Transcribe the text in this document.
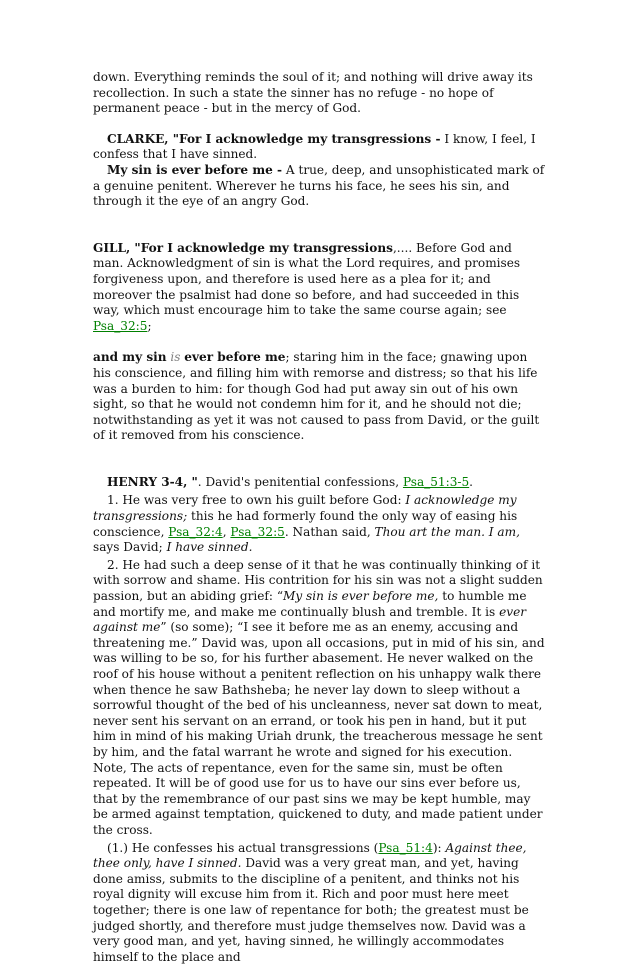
down. Everything reminds the soul of it; and nothing will drive away its recollection. In such a state the sinner has no refuge - no hope of permanent peace - but in the mercy of God.

CLARKE, "For I acknowledge my transgressions - I know, I feel, I confess that I have sinned.

My sin is ever before me - A true, deep, and unsophisticated mark of a genuine penitent. Wherever he turns his face, he sees his sin, and through it the eye of an angry God.

GILL, "For I acknowledge my transgressions,.... Before God and man. Acknowledgment of sin is what the Lord requires, and promises forgiveness upon, and therefore is used here as a plea for it; and moreover the psalmist had done so before, and had succeeded in this way, which must encourage him to take the same course again; see Psa_32:5;

and my sin is ever before me; staring him in the face; gnawing upon his conscience, and filling him with remorse and distress; so that his life was a burden to him: for though God had put away sin out of his own sight, so that he would not condemn him for it, and he should not die; notwithstanding as yet it was not caused to pass from David, or the guilt of it removed from his conscience.

HENRY 3-4, ". David's penitential confessions, Psa_51:3-5.

1. He was very free to own his guilt before God: I acknowledge my transgressions; this he had formerly found the only way of easing his conscience, Psa_32:4, Psa_32:5. Nathan said, Thou art the man. I am, says David; I have sinned.

2. He had such a deep sense of it that he was continually thinking of it with sorrow and shame. His contrition for his sin was not a slight sudden passion, but an abiding grief: “My sin is ever before me, to humble me and mortify me, and make me continually blush and tremble. It is ever against me” (so some); “I see it before me as an enemy, accusing and threatening me.” David was, upon all occasions, put in mid of his sin, and was willing to be so, for his further abasement. He never walked on the roof of his house without a penitent reflection on his unhappy walk there when thence he saw Bathsheba; he never lay down to sleep without a sorrowful thought of the bed of his uncleanness, never sat down to meat, never sent his servant on an errand, or took his pen in hand, but it put him in mind of his making Uriah drunk, the treacherous message he sent by him, and the fatal warrant he wrote and signed for his execution. Note, The acts of repentance, even for the same sin, must be often repeated. It will be of good use for us to have our sins ever before us, that by the remembrance of our past sins we may be kept humble, may be armed against temptation, quickened to duty, and made patient under the cross.

(1.) He confesses his actual transgressions (Psa_51:4): Against thee, thee only, have I sinned. David was a very great man, and yet, having done amiss, submits to the discipline of a penitent, and thinks not his royal dignity will excuse him from it. Rich and poor must here meet together; there is one law of repentance for both; the greatest must be judged shortly, and therefore must judge themselves now. David was a very good man, and yet, having sinned, he willingly accommodates himself to the place and
